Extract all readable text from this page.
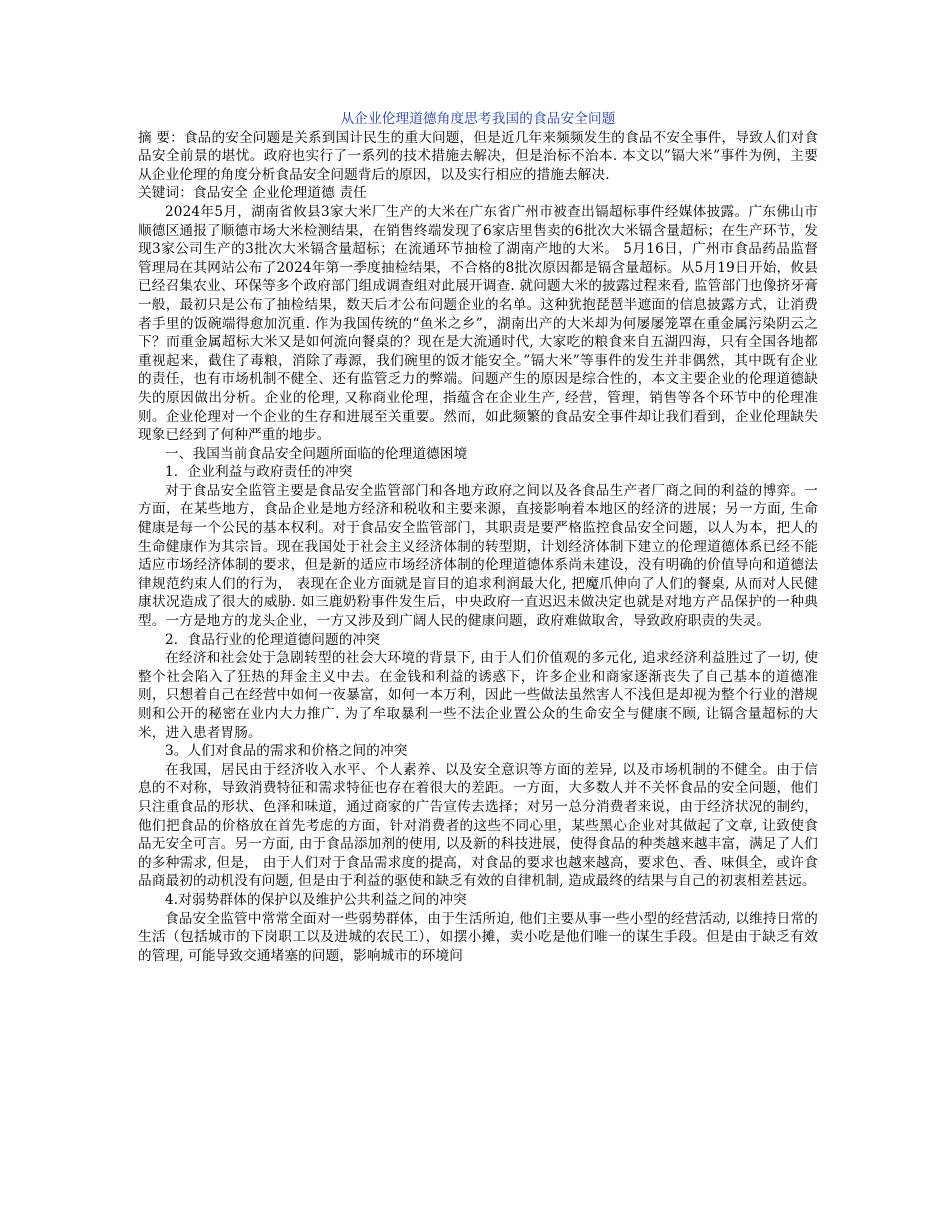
从企业伦理道德角度思考我国的食品安全问题

摘 要：食品的安全问题是关系到国计民生的重大问题，但是近几年来频频发生的食品不安全事件，导致人们对食品安全前景的堪忧。政府也实行了一系列的技术措施去解决，但是治标不治本. 本文以”镉大米”事件为例，主要从企业伦理的角度分析食品安全问题背后的原因，以及实行相应的措施去解决.

关键词：食品安全 企业伦理道德 责任

2024年5月，湖南省攸县3家大米厂生产的大米在广东省广州市被查出镉超标事件经媒体披露。广东佛山市顺德区通报了顺德市场大米检测结果，在销售终端发现了6家店里售卖的6批次大米镉含量超标；在生产环节，发现3家公司生产的3批次大米镉含量超标；在流通环节抽检了湖南产地的大米。 5月16日，广州市食品药品监督管理局在其网站公布了2024年第一季度抽检结果，不合格的8批次原因都是镉含量超标。从5月19日开始，攸县已经召集农业、环保等多个政府部门组成调查组对此展开调查. 就问题大米的披露过程来看, 监管部门也像挤牙膏一般，最初只是公布了抽检结果，数天后才公布问题企业的名单。这种犹抱琵琶半遮面的信息披露方式，让消费者手里的饭碗端得愈加沉重. 作为我国传统的“鱼米之乡”，湖南出产的大米却为何屡屡笼罩在重金属污染阴云之下？而重金属超标大米又是如何流向餐桌的？现在是大流通时代, 大家吃的粮食来自五湖四海，只有全国各地都重视起来，截住了毒粮，消除了毒源，我们碗里的饭才能安全。”镉大米”等事件的发生并非偶然，其中既有企业的责任，也有市场机制不健全、还有监管乏力的弊端。问题产生的原因是综合性的，本文主要企业的伦理道德缺失的原因做出分析。企业的伦理, 又称商业伦理，指蕴含在企业生产, 经营，管理，销售等各个环节中的伦理准则。企业伦理对一个企业的生存和进展至关重要。然而，如此频繁的食品安全事件却让我们看到，企业伦理缺失现象已经到了何种严重的地步。

一、我国当前食品安全问题所面临的伦理道德困境

1．企业利益与政府责任的冲突

对于食品安全监管主要是食品安全监管部门和各地方政府之间以及各食品生产者厂商之间的利益的博弈。一方面，在某些地方，食品企业是地方经济和税收和主要来源，直接影响着本地区的经济的进展；另一方面, 生命健康是每一个公民的基本权利。对于食品安全监管部门，其职责是要严格监控食品安全问题，以人为本，把人的生命健康作为其宗旨。现在我国处于社会主义经济体制的转型期，计划经济体制下建立的伦理道德体系已经不能适应市场经济体制的要求，但是新的适应市场经济体制的伦理道德体系尚未建设，没有明确的价值导向和道德法律规范约束人们的行为， 表现在企业方面就是盲目的追求利润最大化, 把魔爪伸向了人们的餐桌, 从而对人民健康状况造成了很大的威胁. 如三鹿奶粉事件发生后，中央政府一直迟迟未做决定也就是对地方产品保护的一种典型。一方是地方的龙头企业，一方又涉及到广阔人民的健康问题，政府难做取舍，导致政府职责的失灵。

2．食品行业的伦理道德问题的冲突

在经济和社会处于急剧转型的社会大环境的背景下, 由于人们价值观的多元化, 追求经济利益胜过了一切, 使整个社会陷入了狂热的拜金主义中去。在金钱和利益的诱惑下，许多企业和商家逐渐丧失了自己基本的道德准则，只想着自己在经营中如何一夜暴富，如何一本万利，因此一些做法虽然害人不浅但是却视为整个行业的潜规则和公开的秘密在业内大力推广. 为了牟取暴利一些不法企业置公众的生命安全与健康不顾, 让镉含量超标的大米，进入患者胃肠。

3。人们对食品的需求和价格之间的冲突

在我国，居民由于经济收入水平、个人素养、以及安全意识等方面的差异, 以及市场机制的不健全。由于信息的不对称，导致消费特征和需求特征也存在着很大的差距。一方面，大多数人并不关怀食品的安全问题，他们只注重食品的形状、色泽和味道，通过商家的广告宣传去选择；对另一总分消费者来说，由于经济状况的制约，他们把食品的价格放在首先考虑的方面，针对消费者的这些不同心里，某些黑心企业对其做起了文章, 让致使食品无安全可言。另一方面, 由于食品添加剂的使用, 以及新的科技进展，使得食品的种类越来越丰富，满足了人们的多种需求, 但是， 由于人们对于食品需求度的提高，对食品的要求也越来越高，要求色、香、味俱全，或许食品商最初的动机没有问题, 但是由于利益的驱使和缺乏有效的自律机制, 造成最终的结果与自己的初衷相差甚远。

4.对弱势群体的保护以及维护公共利益之间的冲突

食品安全监管中常常全面对一些弱势群体，由于生活所迫, 他们主要从事一些小型的经营活动, 以维持日常的生活（包括城市的下岗职工以及进城的农民工），如摆小摊，卖小吃是他们唯一的谋生手段。但是由于缺乏有效的管理, 可能导致交通堵塞的问题，影响城市的环境问
